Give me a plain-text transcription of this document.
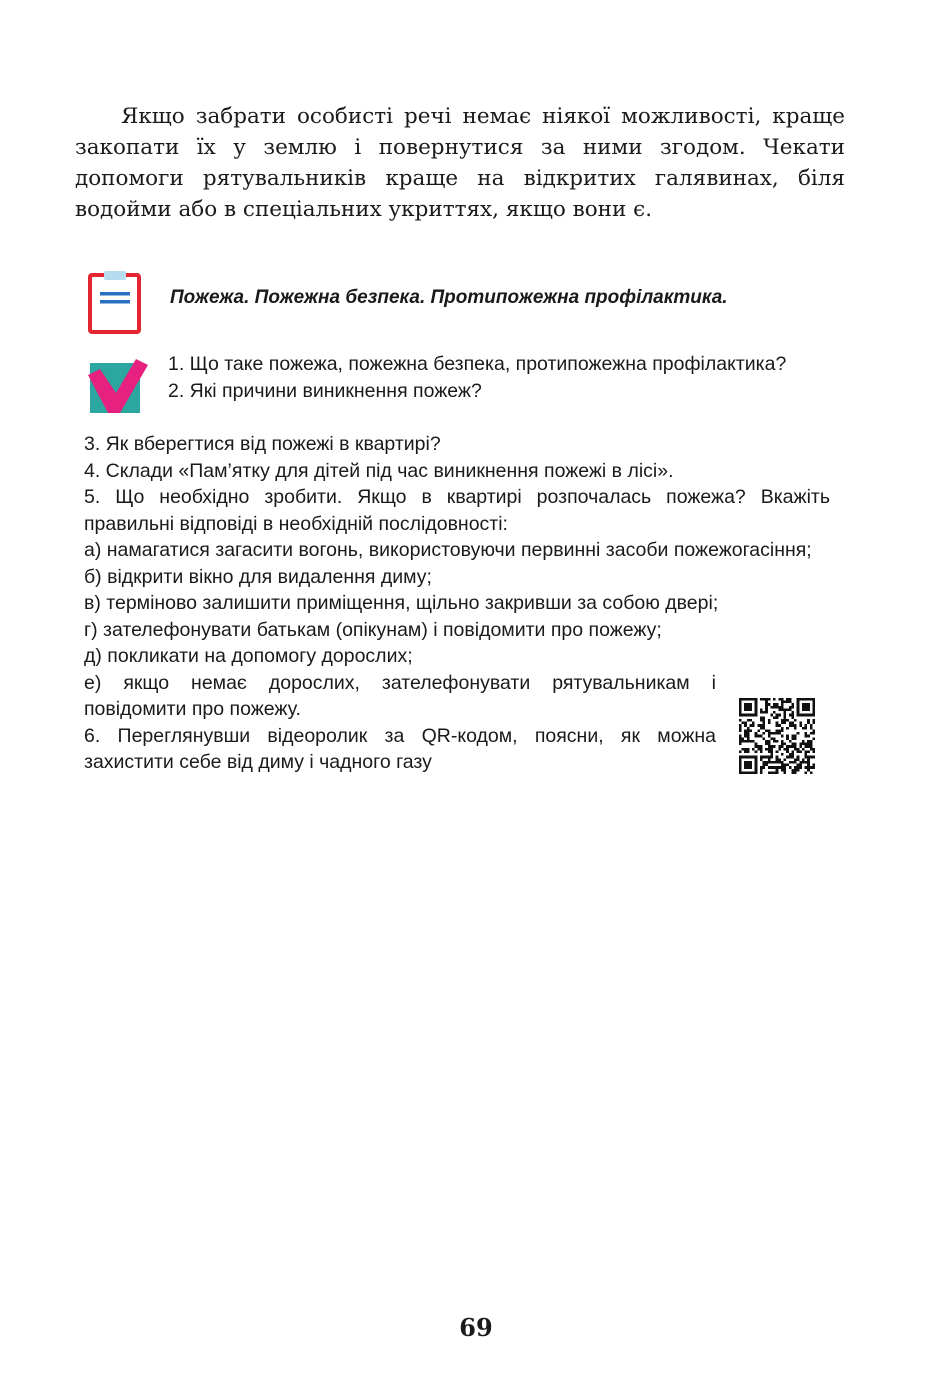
Якщо забрати особисті речі немає ніякої можливості, краще закопати їх у землю і повернутися за ними згодом. Чекати допомоги рятувальників краще на відкритих галявинах, біля водойми або в спеціальних укриттях, якщо вони є.

Пожежа. Пожежна безпека. Протипожежна профілактика.

1. Що таке пожежа, пожежна безпека, протипожежна профілактика?

2. Які причини виникнення пожеж?

3. Як вберегтися від пожежі в квартирі?

4. Склади «Пам’ятку для дітей під час виникнення пожежі в лісі».

5. Що необхідно зробити. Якщо в квартирі розпочалась пожежа? Вкажіть правильні відповіді в необхідній послідовності:

а) намагатися загасити вогонь, використовуючи первинні засоби пожежогасіння;

б) відкрити вікно для видалення диму;

в) терміново залишити приміщення, щільно закривши за собою двері;

г) зателефонувати батькам (опікунам) і повідомити про пожежу;

д) покликати на допомогу дорослих;

е) якщо немає дорослих, зателефонувати рятувальникам і повідомити про пожежу.

6. Переглянувши відеоролик за QR-кодом, поясни, як можна захистити себе від диму і чадного газу

69
